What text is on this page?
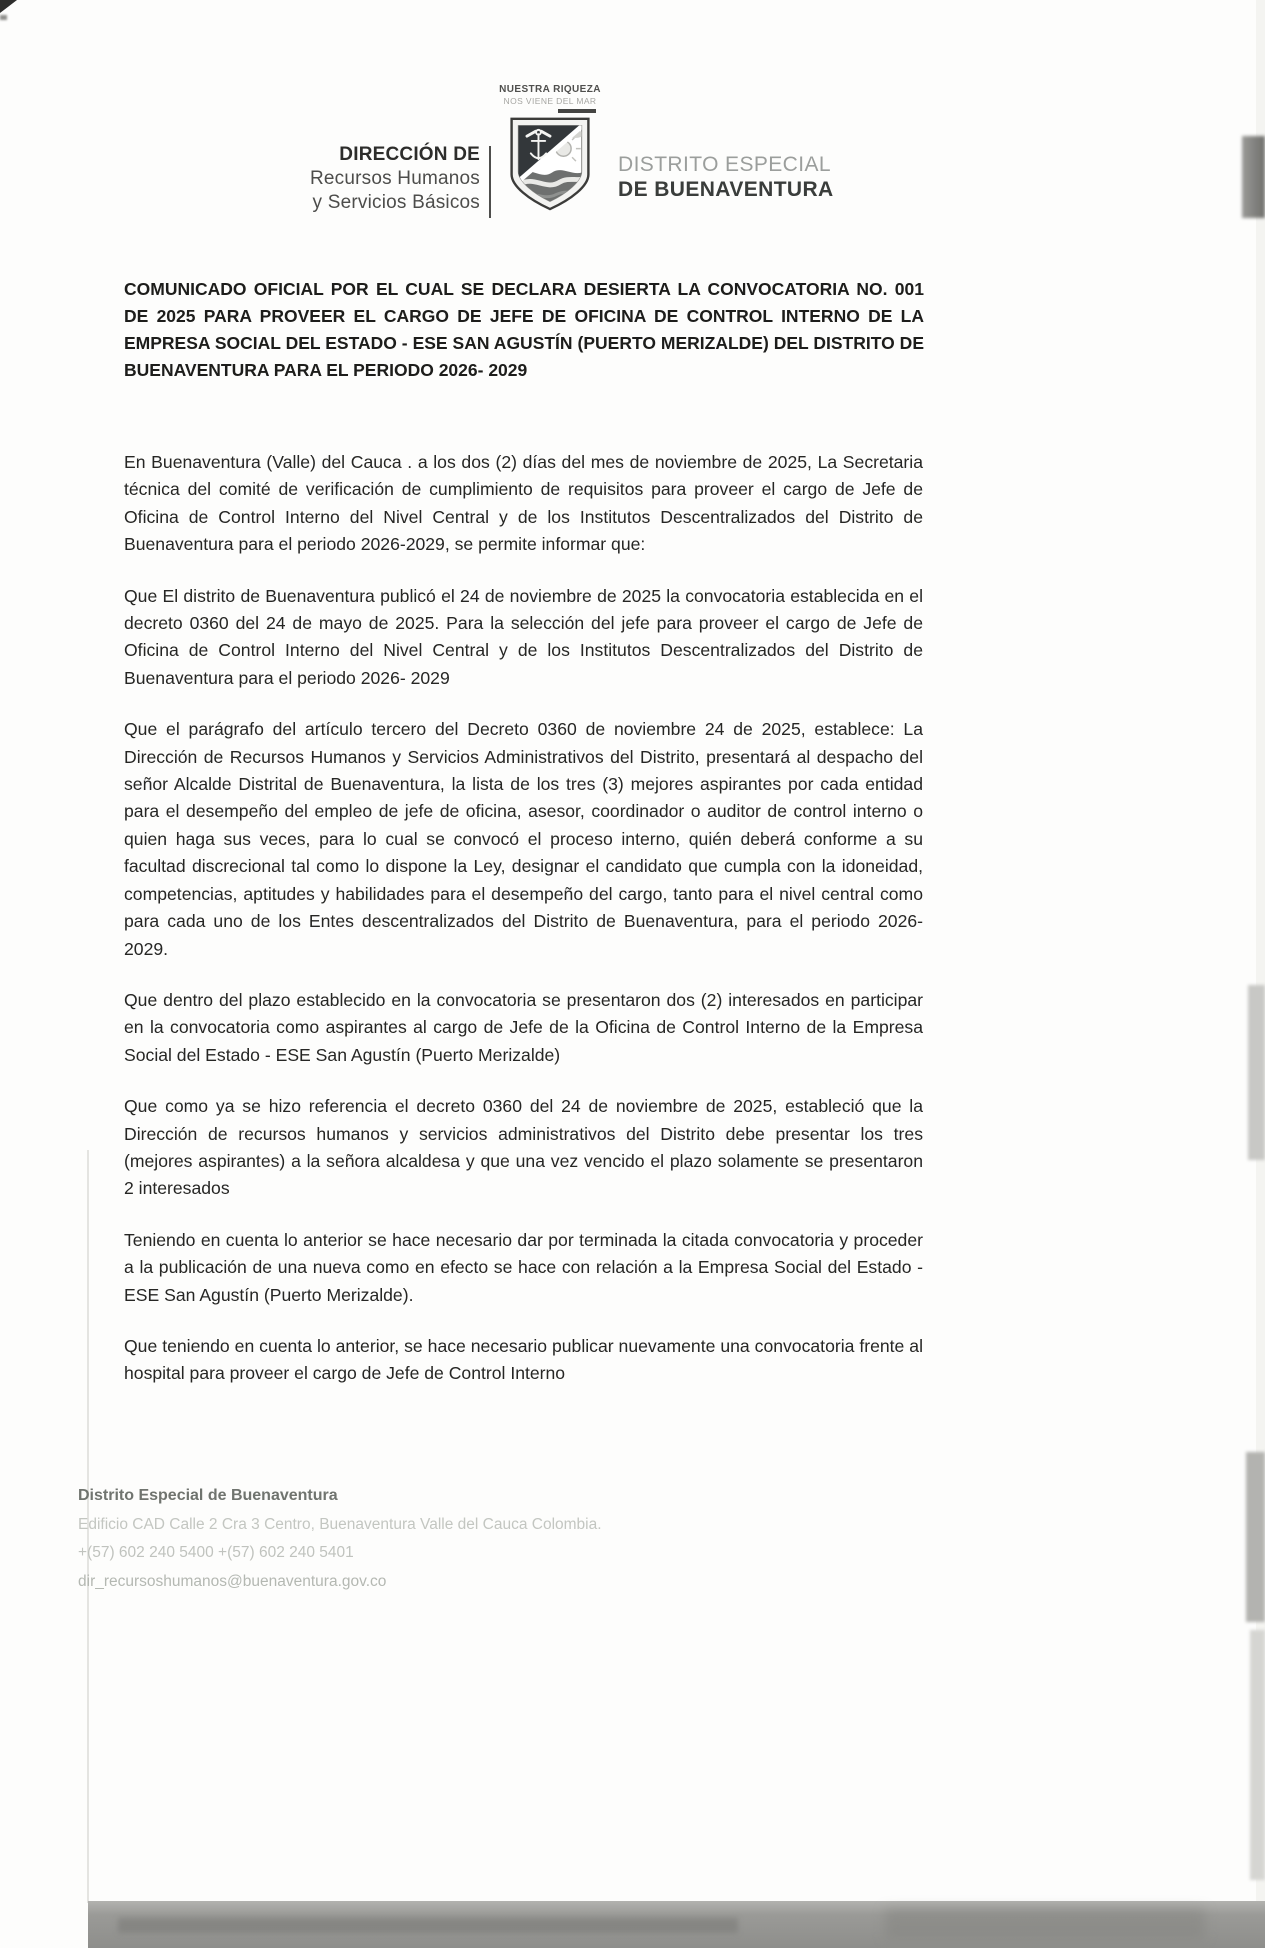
DIRECCIÓN DE
Recursos Humanos
y Servicios Básicos
NUESTRA RIQUEZA
NOS VIENE DEL MAR
DISTRITO ESPECIAL
DE BUENAVENTURA
COMUNICADO OFICIAL POR EL CUAL SE DECLARA DESIERTA LA CONVOCATORIA NO. 001 DE 2025 PARA PROVEER EL CARGO DE JEFE DE OFICINA DE CONTROL INTERNO DE LA EMPRESA SOCIAL DEL ESTADO - ESE SAN AGUSTÍN (PUERTO MERIZALDE) DEL DISTRITO DE BUENAVENTURA PARA EL PERIODO 2026- 2029

En Buenaventura (Valle) del Cauca . a los dos (2) días del mes de noviembre de 2025, La Secretaria técnica del comité de verificación de cumplimiento de requisitos para proveer el cargo de Jefe de Oficina de Control Interno del Nivel Central y de los Institutos Descentralizados del Distrito de Buenaventura para el periodo 2026-2029, se permite informar que:

Que El distrito de Buenaventura publicó el 24 de noviembre de 2025 la convocatoria establecida en el decreto 0360 del 24 de mayo de 2025. Para la selección del jefe para proveer el cargo de Jefe de Oficina de Control Interno del Nivel Central y de los Institutos Descentralizados del Distrito de Buenaventura para el periodo 2026- 2029

Que el parágrafo del artículo tercero del Decreto 0360 de noviembre 24 de 2025, establece: La Dirección de Recursos Humanos y Servicios Administrativos del Distrito, presentará al despacho del señor Alcalde Distrital de Buenaventura, la lista de los tres (3) mejores aspirantes por cada entidad para el desempeño del empleo de jefe de oficina, asesor, coordinador o auditor de control interno o quien haga sus veces, para lo cual se convocó el proceso interno, quién deberá conforme a su facultad discrecional tal como lo dispone la Ley, designar el candidato que cumpla con la idoneidad, competencias, aptitudes y habilidades para el desempeño del cargo, tanto para el nivel central como para cada uno de los Entes descentralizados del Distrito de Buenaventura, para el periodo 2026-2029.

Que dentro del plazo establecido en la convocatoria se presentaron dos (2) interesados en participar en la convocatoria como aspirantes al cargo de Jefe de la Oficina de Control Interno de la Empresa Social del Estado - ESE San Agustín (Puerto Merizalde)

Que como ya se hizo referencia el decreto 0360 del 24 de noviembre de 2025, estableció que la Dirección de recursos humanos y servicios administrativos del Distrito debe presentar los tres (mejores aspirantes) a la señora alcaldesa y que una vez vencido el plazo solamente se presentaron 2 interesados

Teniendo en cuenta lo anterior se hace necesario dar por terminada la citada convocatoria y proceder a la publicación de una nueva como en efecto se hace con relación a la Empresa Social del Estado - ESE San Agustín (Puerto Merizalde).

Que teniendo en cuenta lo anterior, se hace necesario publicar nuevamente una convocatoria frente al hospital para proveer el cargo de Jefe de Control Interno

Distrito Especial de Buenaventura
Edificio CAD Calle 2 Cra 3 Centro, Buenaventura Valle del Cauca Colombia.
+(57) 602 240 5400 +(57) 602 240 5401
dir_recursoshumanos@buenaventura.gov.co
